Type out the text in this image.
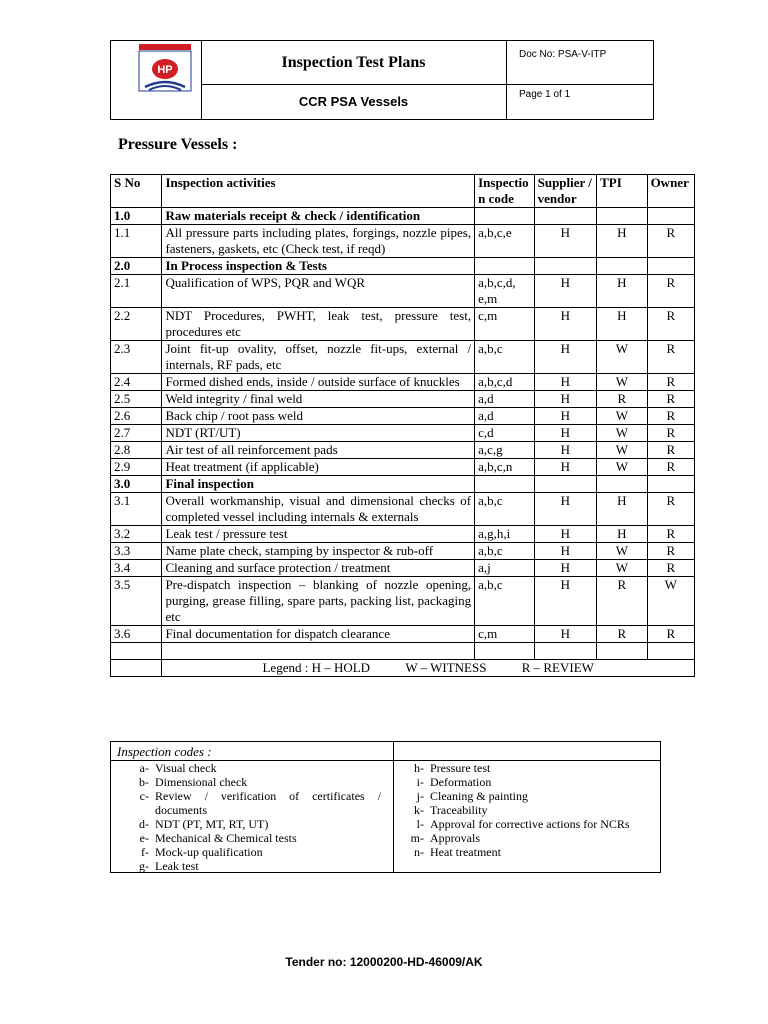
HP	Inspection Test Plans
CCR PSA Vessels
Doc No: PSA-V-ITP
Page 1 of 1
Pressure Vessels :
S No	Inspection activities	Inspection code	Supplier / vendor	TPI	Owner
1.0	Raw materials receipt & check / identification				
1.1	All pressure parts including plates, forgings, nozzle pipes, fasteners, gaskets, etc (Check test, if reqd)	a,b,c,e	H	H	R
2.0	In Process inspection & Tests				
2.1	Qualification of WPS, PQR and WQR	a,b,c,d, e,m	H	H	R
2.2	NDT Procedures, PWHT, leak test, pressure test, procedures etc	c,m	H	H	R
2.3	Joint fit-up ovality, offset, nozzle fit-ups, external / internals, RF pads, etc	a,b,c	H	W	R
2.4	Formed dished ends, inside / outside surface of knuckles	a,b,c,d	H	W	R
2.5	Weld integrity / final weld	a,d	H	R	R
2.6	Back chip / root pass weld	a,d	H	W	R
2.7	NDT (RT/UT)	c,d	H	W	R
2.8	Air test of all reinforcement pads	a,c,g	H	W	R
2.9	Heat treatment (if applicable)	a,b,c,n	H	W	R
3.0	Final inspection				
3.1	Overall workmanship, visual and dimensional checks of completed vessel including internals & externals	a,b,c	H	H	R
3.2	Leak test / pressure test	a,g,h,i	H	H	R
3.3	Name plate check, stamping by inspector & rub-off	a,b,c	H	W	R
3.4	Cleaning and surface protection / treatment	a,j	H	W	R
3.5	Pre-dispatch inspection – blanking of nozzle opening, purging, grease filling, spare parts, packing list, packaging etc	a,b,c	H	R	W
3.6	Final documentation for dispatch clearance	c,m	H	R	R

	Legend : H – HOLD W – WITNESS R – REVIEW				
Inspection codes :
a- Visual check
b- Dimensional check
c- Review / verification of certificates / documents
d- NDT (PT, MT, RT, UT)
e- Mechanical & Chemical tests
f- Mock-up qualification
g- Leak test
h- Pressure test
i- Deformation
j- Cleaning & painting
k- Traceability
l- Approval for corrective actions for NCRs
m- Approvals
n- Heat treatment
Tender no: 12000200-HD-46009/AK
